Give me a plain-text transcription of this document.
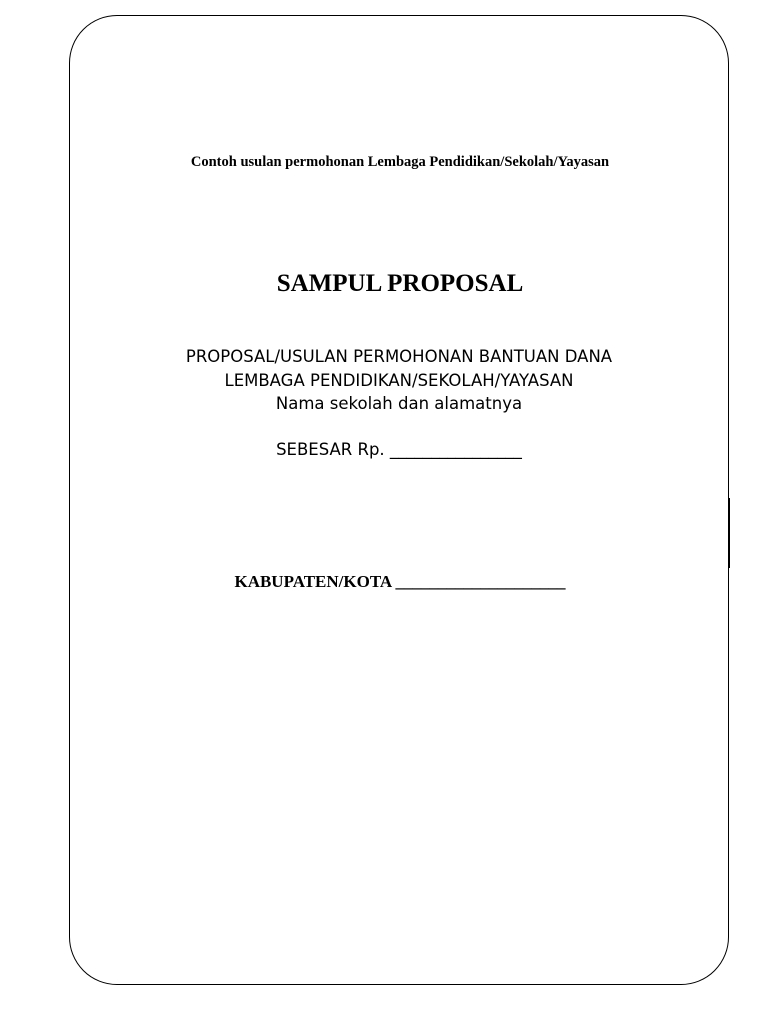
Contoh usulan permohonan Lembaga Pendidikan/Sekolah/Yayasan
SAMPUL PROPOSAL
PROPOSAL/USULAN PERMOHONAN BANTUAN DANA
LEMBAGA PENDIDIKAN/SEKOLAH/YAYASAN
Nama sekolah dan alamatnya
SEBESAR Rp. ________________
KABUPATEN/KOTA ____________________
